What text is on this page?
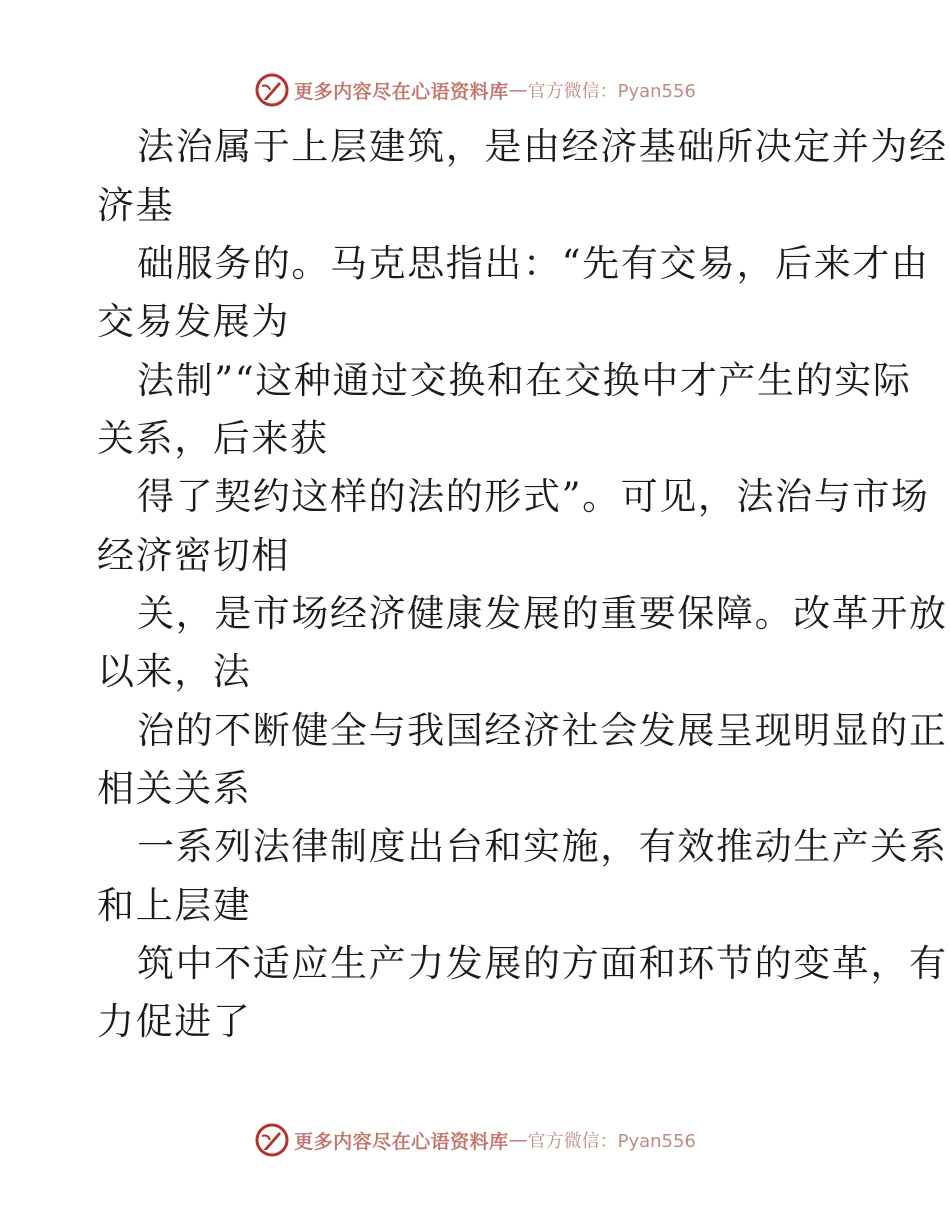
更多内容尽在心语资料库 — 官方微信：Pyan556
法治属于上层建筑，是由经济基础所决定并为经
济基
础服务的。马克思指出：“先有交易，后来才由
交易发展为
法制”“这种通过交换和在交换中才产生的实际
关系，后来获
得了契约这样的法的形式”。可见，法治与市场
经济密切相
关，是市场经济健康发展的重要保障。改革开放
以来，法
治的不断健全与我国经济社会发展呈现明显的正
相关关系
一系列法律制度出台和实施，有效推动生产关系
和上层建
筑中不适应生产力发展的方面和环节的变革，有
力促进了
更多内容尽在心语资料库 — 官方微信：Pyan556
